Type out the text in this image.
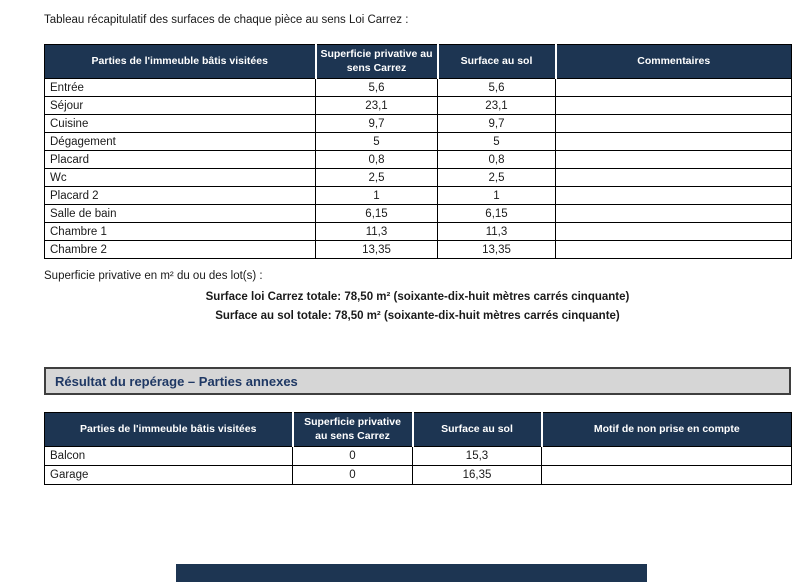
Tableau récapitulatif des surfaces de chaque pièce au sens Loi Carrez :

Parties de l'immeuble bâtis visitées	Superficie privative au sens Carrez	Surface au sol	Commentaires
Entrée	5,6	5,6	
Séjour	23,1	23,1	
Cuisine	9,7	9,7	
Dégagement	5	5	
Placard	0,8	0,8	
Wc	2,5	2,5	
Placard 2	1	1	
Salle de bain	6,15	6,15	
Chambre 1	11,3	11,3	
Chambre 2	13,35	13,35	

Superficie privative en m² du ou des lot(s) :

Surface loi Carrez totale: 78,50 m² (soixante-dix-huit mètres carrés cinquante)

Surface au sol totale: 78,50 m² (soixante-dix-huit mètres carrés cinquante)

Résultat du repérage – Parties annexes
Parties de l'immeuble bâtis visitées	Superficie privative au sens Carrez	Surface au sol	Motif de non prise en compte
Balcon	0	15,3	
Garage	0	16,35	
